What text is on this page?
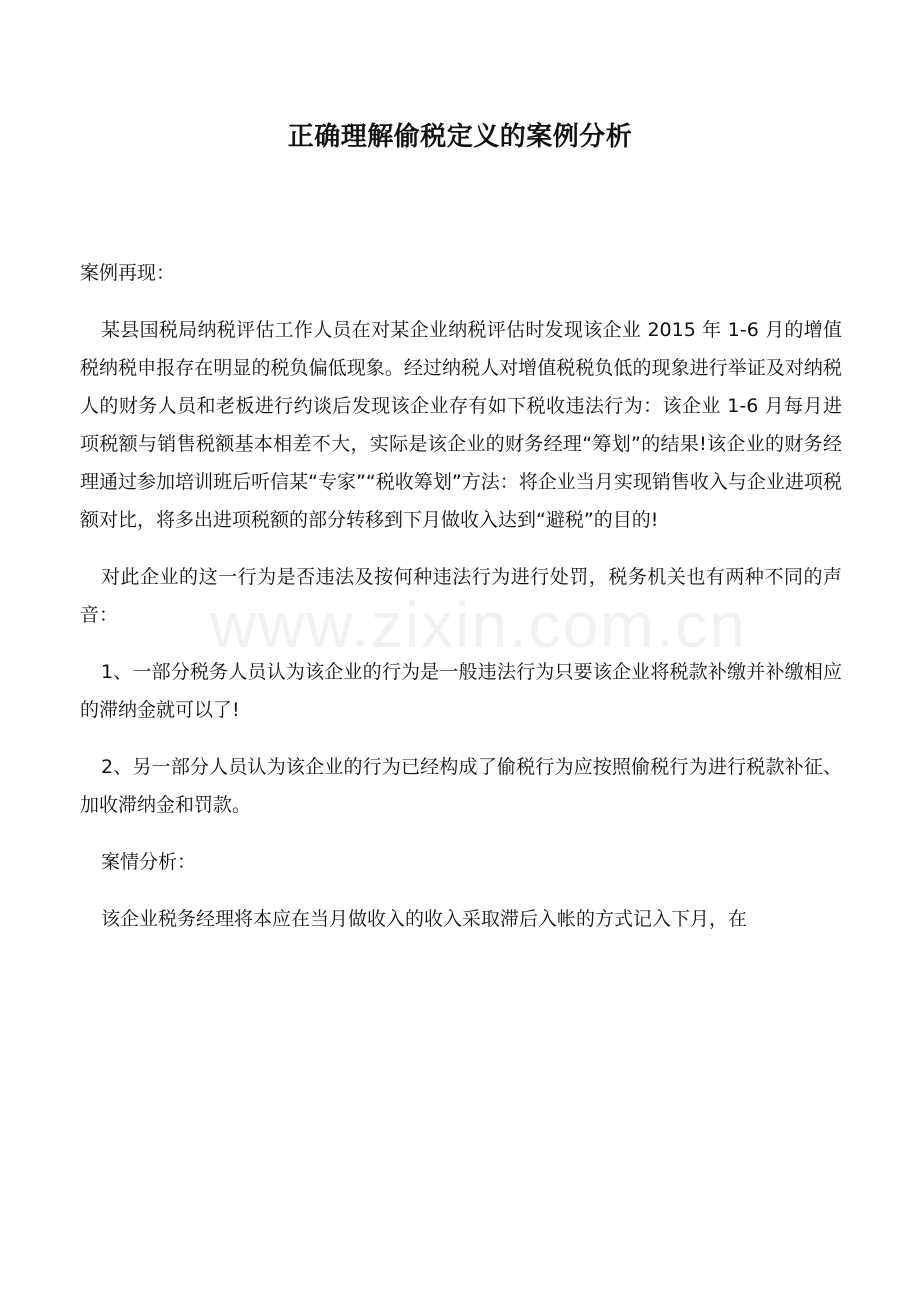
正确理解偷税定义的案例分析

案例再现：

某县国税局纳税评估工作人员在对某企业纳税评估时发现该企业 2015 年 1-6 月的增值税纳税申报存在明显的税负偏低现象。经过纳税人对增值税税负低的现象进行举证及对纳税人的财务人员和老板进行约谈后发现该企业存有如下税收违法行为：该企业 1-6 月每月进项税额与销售税额基本相差不大，实际是该企业的财务经理“筹划”的结果!该企业的财务经理通过参加培训班后听信某“专家”“税收筹划”方法：将企业当月实现销售收入与企业进项税额对比，将多出进项税额的部分转移到下月做收入达到“避税”的目的!

对此企业的这一行为是否违法及按何种违法行为进行处罚，税务机关也有两种不同的声音：

1、一部分税务人员认为该企业的行为是一般违法行为只要该企业将税款补缴并补缴相应的滞纳金就可以了!

2、另一部分人员认为该企业的行为已经构成了偷税行为应按照偷税行为进行税款补征、加收滞纳金和罚款。

案情分析：

该企业税务经理将本应在当月做收入的收入采取滞后入帐的方式记入下月，在

www.zixin.com.cn
